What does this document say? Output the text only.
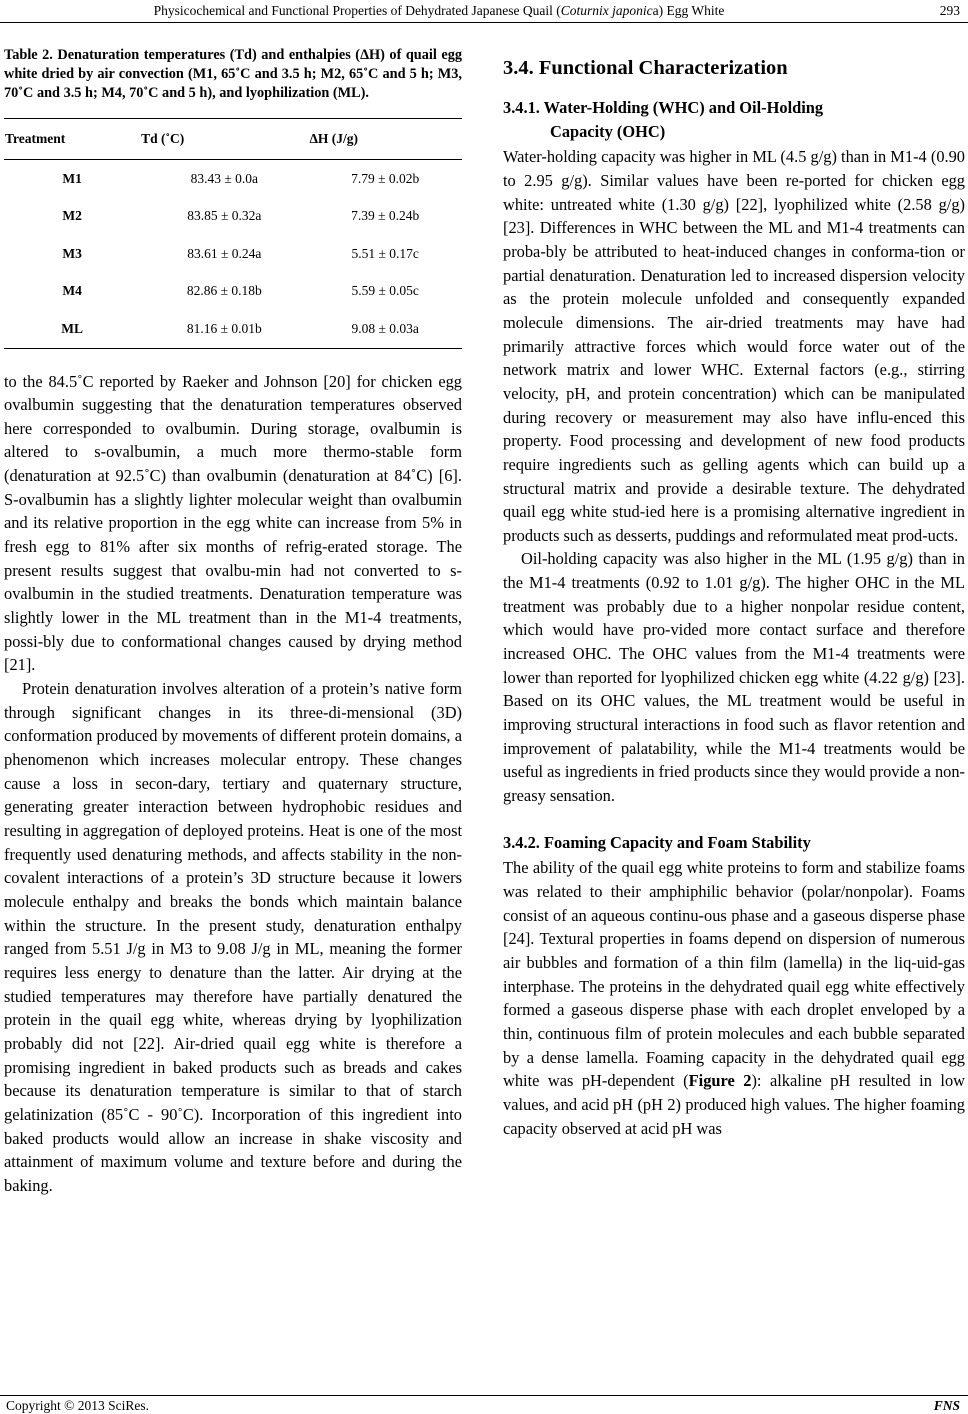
Physicochemical and Functional Properties of Dehydrated Japanese Quail (Coturnix japonica) Egg White	293
Table 2. Denaturation temperatures (Td) and enthalpies (ΔH) of quail egg white dried by air convection (M1, 65˚C and 3.5 h; M2, 65˚C and 5 h; M3, 70˚C and 3.5 h; M4, 70˚C and 5 h), and lyophilization (ML).
Treatment	Td (˚C)	ΔH (J/g)
M1	83.43 ± 0.0a	7.79 ± 0.02b
M2	83.85 ± 0.32a	7.39 ± 0.24b
M3	83.61 ± 0.24a	5.51 ± 0.17c
M4	82.86 ± 0.18b	5.59 ± 0.05c
ML	81.16 ± 0.01b	9.08 ± 0.03a

to the 84.5˚C reported by Raeker and Johnson [20] for chicken egg ovalbumin suggesting that the denaturation temperatures observed here corresponded to ovalbumin. During storage, ovalbumin is altered to s-ovalbumin, a much more thermo-stable form (denaturation at 92.5˚C) than ovalbumin (denaturation at 84˚C) [6]. S-ovalbumin has a slightly lighter molecular weight than ovalbumin and its relative proportion in the egg white can increase from 5% in fresh egg to 81% after six months of refrig-erated storage. The present results suggest that ovalbu-min had not converted to s-ovalbumin in the studied treatments. Denaturation temperature was slightly lower in the ML treatment than in the M1-4 treatments, possi-bly due to conformational changes caused by drying method [21].

Protein denaturation involves alteration of a protein’s native form through significant changes in its three-di-mensional (3D) conformation produced by movements of different protein domains, a phenomenon which increases molecular entropy. These changes cause a loss in secon-dary, tertiary and quaternary structure, generating greater interaction between hydrophobic residues and resulting in aggregation of deployed proteins. Heat is one of the most frequently used denaturing methods, and affects stability in the non-covalent interactions of a protein’s 3D structure because it lowers molecule enthalpy and breaks the bonds which maintain balance within the structure. In the present study, denaturation enthalpy ranged from 5.51 J/g in M3 to 9.08 J/g in ML, meaning the former requires less energy to denature than the latter. Air drying at the studied temperatures may therefore have partially denatured the protein in the quail egg white, whereas drying by lyophilization probably did not [22]. Air-dried quail egg white is therefore a promising ingredient in baked products such as breads and cakes because its denaturation temperature is similar to that of starch gelatinization (85˚C - 90˚C). Incorporation of this ingredient into baked products would allow an increase in shake viscosity and attainment of maximum volume and texture before and during the baking.

3.4. Functional Characterization
3.4.1. Water-Holding (WHC) and Oil-Holding
Capacity (OHC)

Water-holding capacity was higher in ML (4.5 g/g) than in M1-4 (0.90 to 2.95 g/g). Similar values have been re-ported for chicken egg white: untreated white (1.30 g/g) [22], lyophilized white (2.58 g/g) [23]. Differences in WHC between the ML and M1-4 treatments can proba-bly be attributed to heat-induced changes in conforma-tion or partial denaturation. Denaturation led to increased dispersion velocity as the protein molecule unfolded and consequently expanded molecule dimensions. The air-dried treatments may have had primarily attractive forces which would force water out of the network matrix and lower WHC. External factors (e.g., stirring velocity, pH, and protein concentration) which can be manipulated during recovery or measurement may also have influ-enced this property. Food processing and development of new food products require ingredients such as gelling agents which can build up a structural matrix and provide a desirable texture. The dehydrated quail egg white stud-ied here is a promising alternative ingredient in products such as desserts, puddings and reformulated meat prod-ucts.

Oil-holding capacity was also higher in the ML (1.95 g/g) than in the M1-4 treatments (0.92 to 1.01 g/g). The higher OHC in the ML treatment was probably due to a higher nonpolar residue content, which would have pro-vided more contact surface and therefore increased OHC. The OHC values from the M1-4 treatments were lower than reported for lyophilized chicken egg white (4.22 g/g) [23]. Based on its OHC values, the ML treatment would be useful in improving structural interactions in food such as flavor retention and improvement of palatability, while the M1-4 treatments would be useful as ingredients in fried products since they would provide a non-greasy sensation.

3.4.2. Foaming Capacity and Foam Stability

The ability of the quail egg white proteins to form and stabilize foams was related to their amphiphilic behavior (polar/nonpolar). Foams consist of an aqueous continu-ous phase and a gaseous disperse phase [24]. Textural properties in foams depend on dispersion of numerous air bubbles and formation of a thin film (lamella) in the liq-uid-gas interphase. The proteins in the dehydrated quail egg white effectively formed a gaseous disperse phase with each droplet enveloped by a thin, continuous film of protein molecules and each bubble separated by a dense lamella. Foaming capacity in the dehydrated quail egg white was pH-dependent (Figure 2): alkaline pH resulted in low values, and acid pH (pH 2) produced high values. The higher foaming capacity observed at acid pH was

Copyright © 2013 SciRes.	FNS
